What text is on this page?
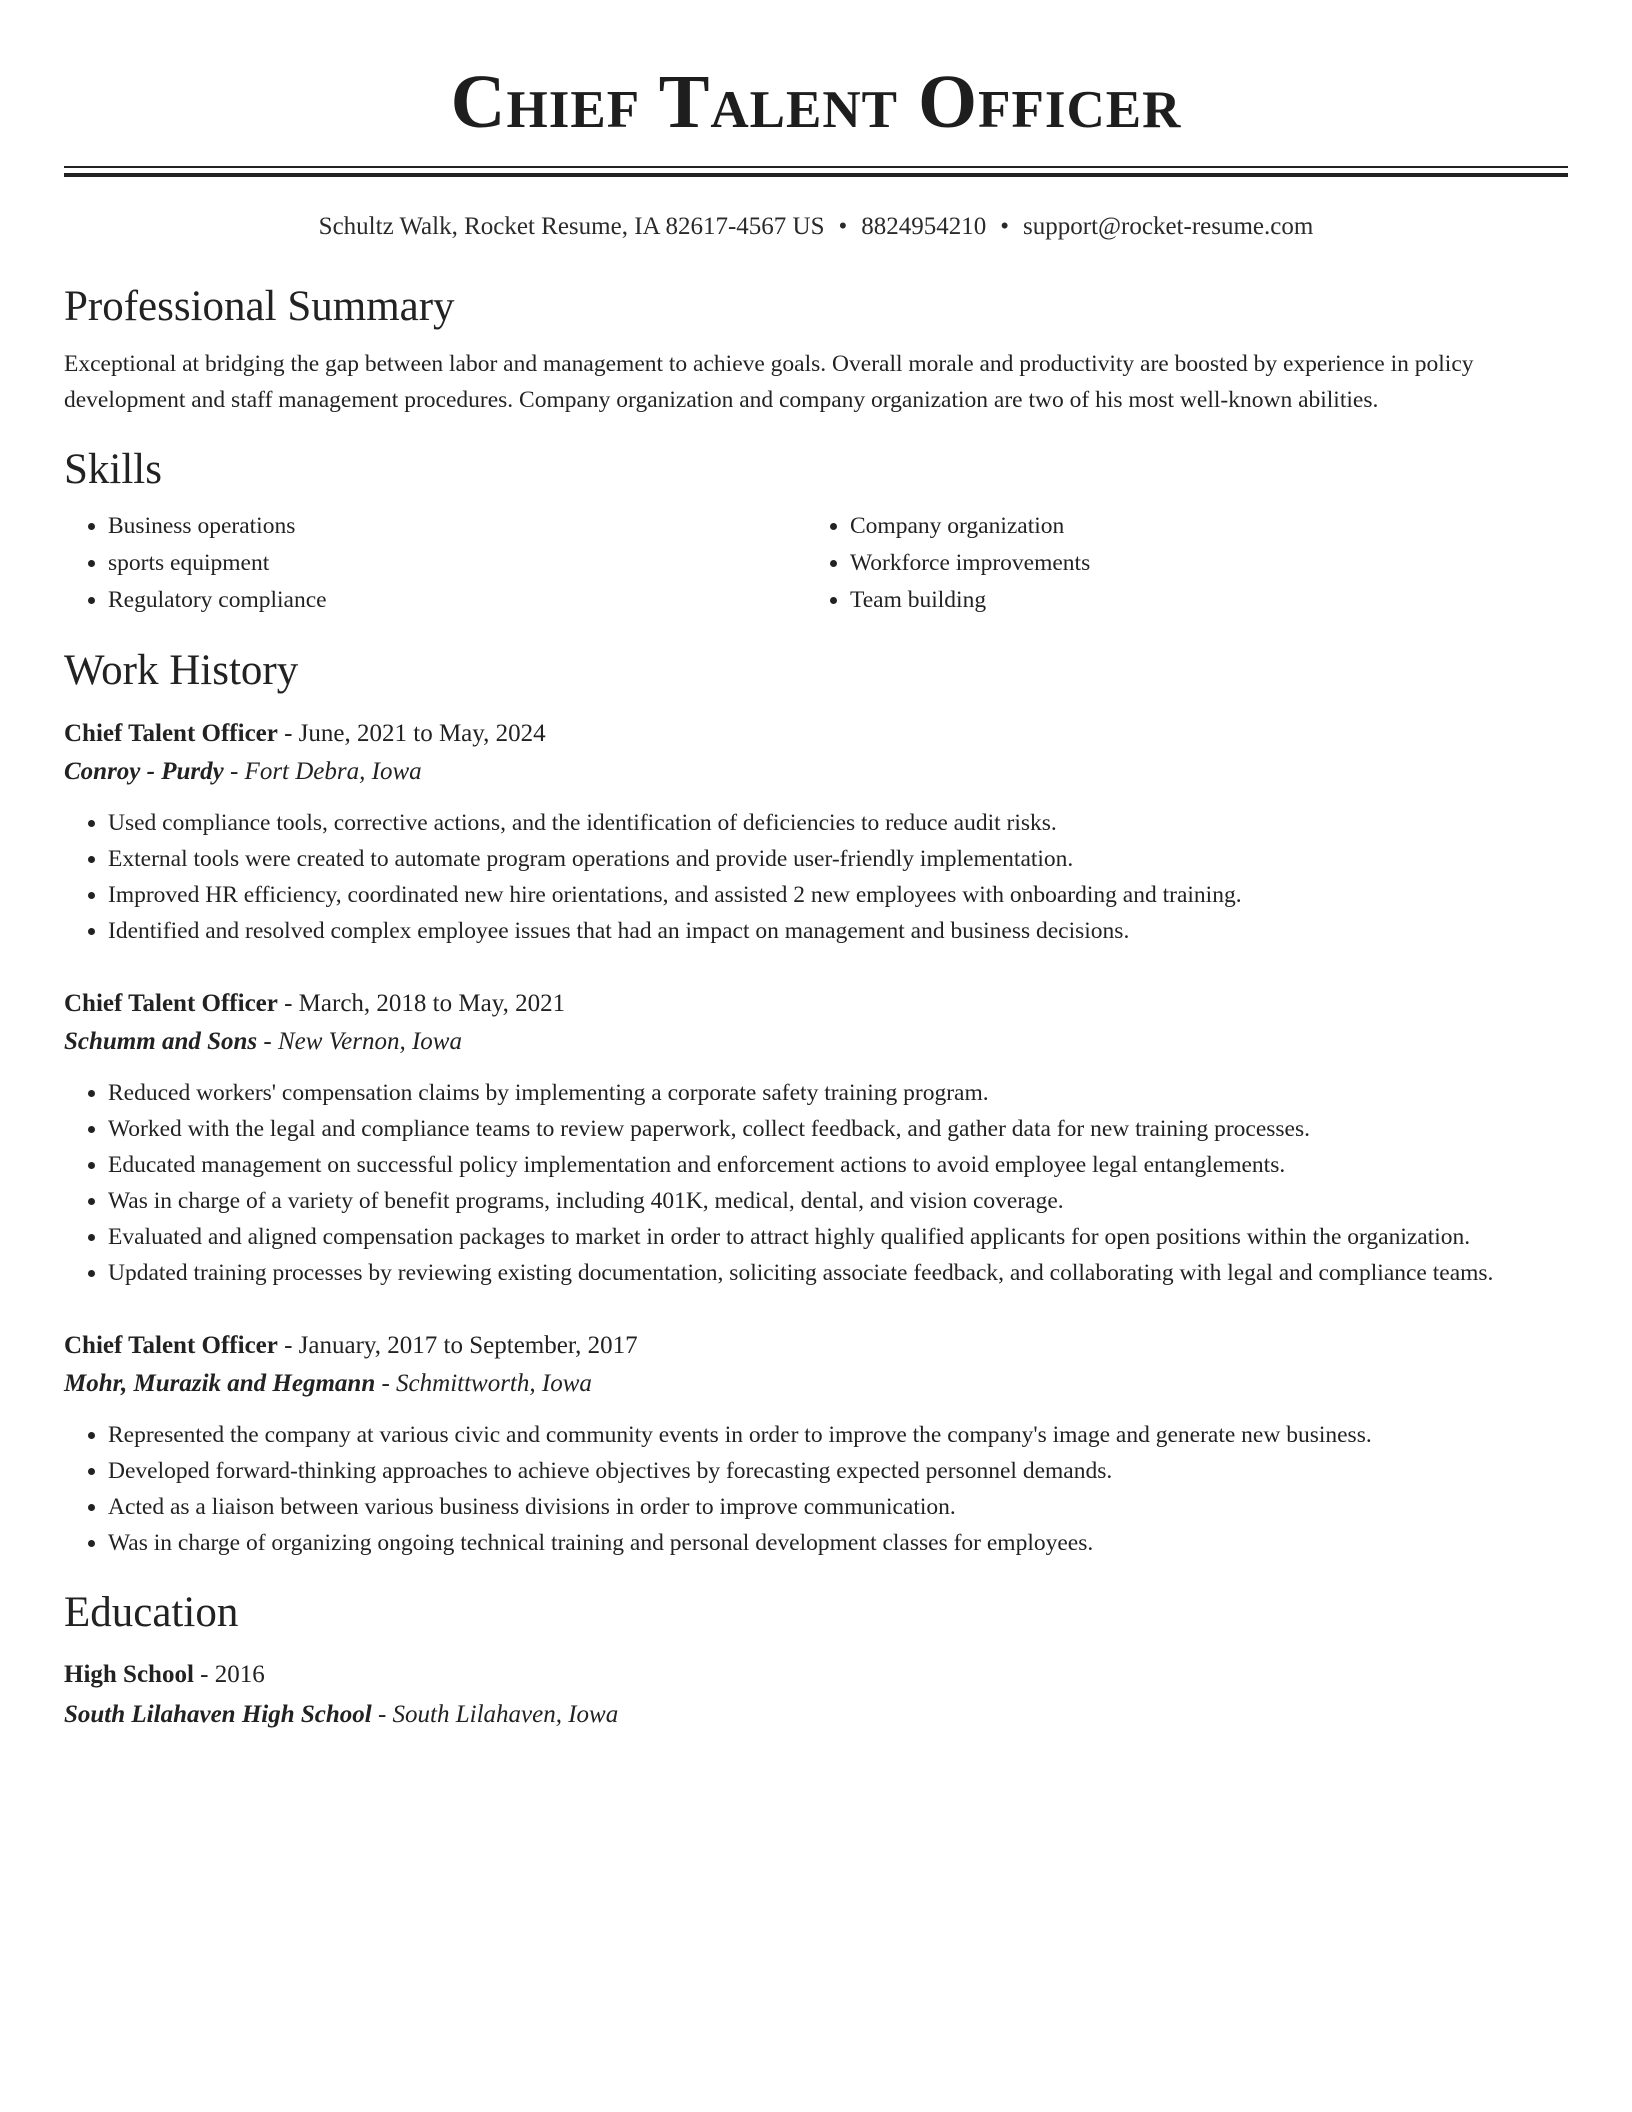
Chief Talent Officer
Schultz Walk, Rocket Resume, IA 82617-4567 US • 8824954210 • support@rocket-resume.com
Professional Summary
Exceptional at bridging the gap between labor and management to achieve goals. Overall morale and productivity are boosted by experience in policy development and staff management procedures. Company organization and company organization are two of his most well-known abilities.
Skills
• Business operations
• sports equipment
• Regulatory compliance
• Company organization
• Workforce improvements
• Team building
Work History
Chief Talent Officer - June, 2021 to May, 2024
Conroy - Purdy - Fort Debra, Iowa
• Used compliance tools, corrective actions, and the identification of deficiencies to reduce audit risks.
• External tools were created to automate program operations and provide user-friendly implementation.
• Improved HR efficiency, coordinated new hire orientations, and assisted 2 new employees with onboarding and training.
• Identified and resolved complex employee issues that had an impact on management and business decisions.
Chief Talent Officer - March, 2018 to May, 2021
Schumm and Sons - New Vernon, Iowa
• Reduced workers' compensation claims by implementing a corporate safety training program.
• Worked with the legal and compliance teams to review paperwork, collect feedback, and gather data for new training processes.
• Educated management on successful policy implementation and enforcement actions to avoid employee legal entanglements.
• Was in charge of a variety of benefit programs, including 401K, medical, dental, and vision coverage.
• Evaluated and aligned compensation packages to market in order to attract highly qualified applicants for open positions within the organization.
• Updated training processes by reviewing existing documentation, soliciting associate feedback, and collaborating with legal and compliance teams.
Chief Talent Officer - January, 2017 to September, 2017
Mohr, Murazik and Hegmann - Schmittworth, Iowa
• Represented the company at various civic and community events in order to improve the company's image and generate new business.
• Developed forward-thinking approaches to achieve objectives by forecasting expected personnel demands.
• Acted as a liaison between various business divisions in order to improve communication.
• Was in charge of organizing ongoing technical training and personal development classes for employees.
Education
High School - 2016
South Lilahaven High School - South Lilahaven, Iowa
